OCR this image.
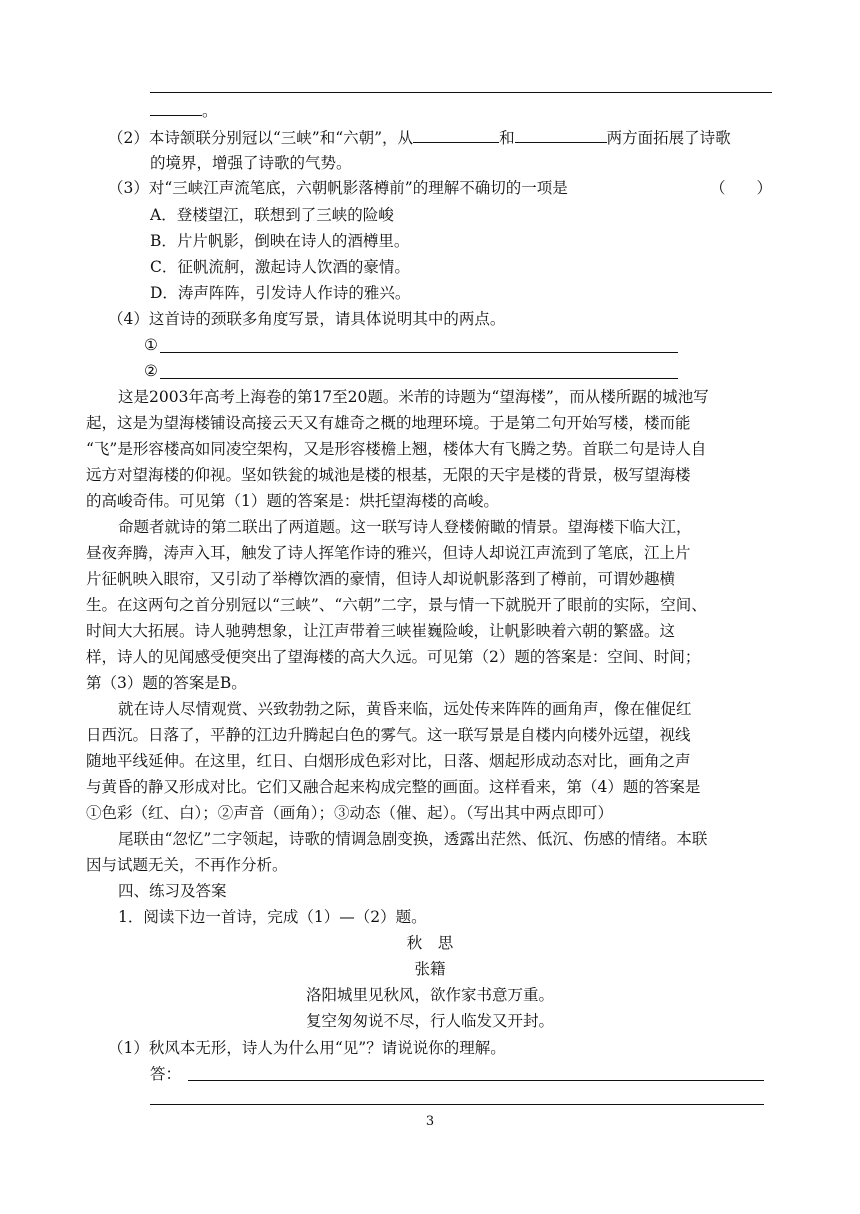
。
（2）本诗颔联分别冠以“三峡”和“六朝”，从	和	两方面拓展了诗歌
的境界，增强了诗歌的气势。
（3）对“三峡江声流笔底，六朝帆影落樽前”的理解不确切的一项是	（　　）
A．登楼望江，联想到了三峡的险峻
B．片片帆影，倒映在诗人的酒樽里。
C．征帆流舸，激起诗人饮酒的豪情。
D．涛声阵阵，引发诗人作诗的雅兴。
（4）这首诗的颈联多角度写景，请具体说明其中的两点。
①
②
这是2003年高考上海卷的第17至20题。米芾的诗题为“望海楼”，而从楼所踞的城池写
起，这是为望海楼铺设高接云天又有雄奇之概的地理环境。于是第二句开始写楼，楼而能
“飞”是形容楼高如同凌空架构，又是形容楼檐上翘，楼体大有飞腾之势。首联二句是诗人自
远方对望海楼的仰视。坚如铁瓮的城池是楼的根基，无限的天宇是楼的背景，极写望海楼
的高峻奇伟。可见第（1）题的答案是：烘托望海楼的高峻。
命题者就诗的第二联出了两道题。这一联写诗人登楼俯瞰的情景。望海楼下临大江，
昼夜奔腾，涛声入耳，触发了诗人挥笔作诗的雅兴，但诗人却说江声流到了笔底，江上片
片征帆映入眼帘，又引动了举樽饮酒的豪情，但诗人却说帆影落到了樽前，可谓妙趣横
生。在这两句之首分别冠以“三峡”、“六朝”二字，景与情一下就脱开了眼前的实际，空间、
时间大大拓展。诗人驰骋想象，让江声带着三峡崔巍险峻，让帆影映着六朝的繁盛。这
样，诗人的见闻感受便突出了望海楼的高大久远。可见第（2）题的答案是：空间、时间；
第（3）题的答案是B。
就在诗人尽情观赏、兴致勃勃之际，黄昏来临，远处传来阵阵的画角声，像在催促红
日西沉。日落了，平静的江边升腾起白色的雾气。这一联写景是自楼内向楼外远望，视线
随地平线延伸。在这里，红日、白烟形成色彩对比，日落、烟起形成动态对比，画角之声
与黄昏的静又形成对比。它们又融合起来构成完整的画面。这样看来，第（4）题的答案是
①色彩（红、白）；②声音（画角）；③动态（催、起）。（写出其中两点即可）
尾联由“忽忆”二字领起，诗歌的情调急剧变换，透露出茫然、低沉、伤感的情绪。本联
因与试题无关，不再作分析。
四、练习及答案
1．阅读下边一首诗，完成（1）—（2）题。
秋　思
张籍
洛阳城里见秋风，欲作家书意万重。
复空匆匆说不尽，行人临发又开封。
（1）秋风本无形，诗人为什么用“见”？请说说你的理解。
答：
3
